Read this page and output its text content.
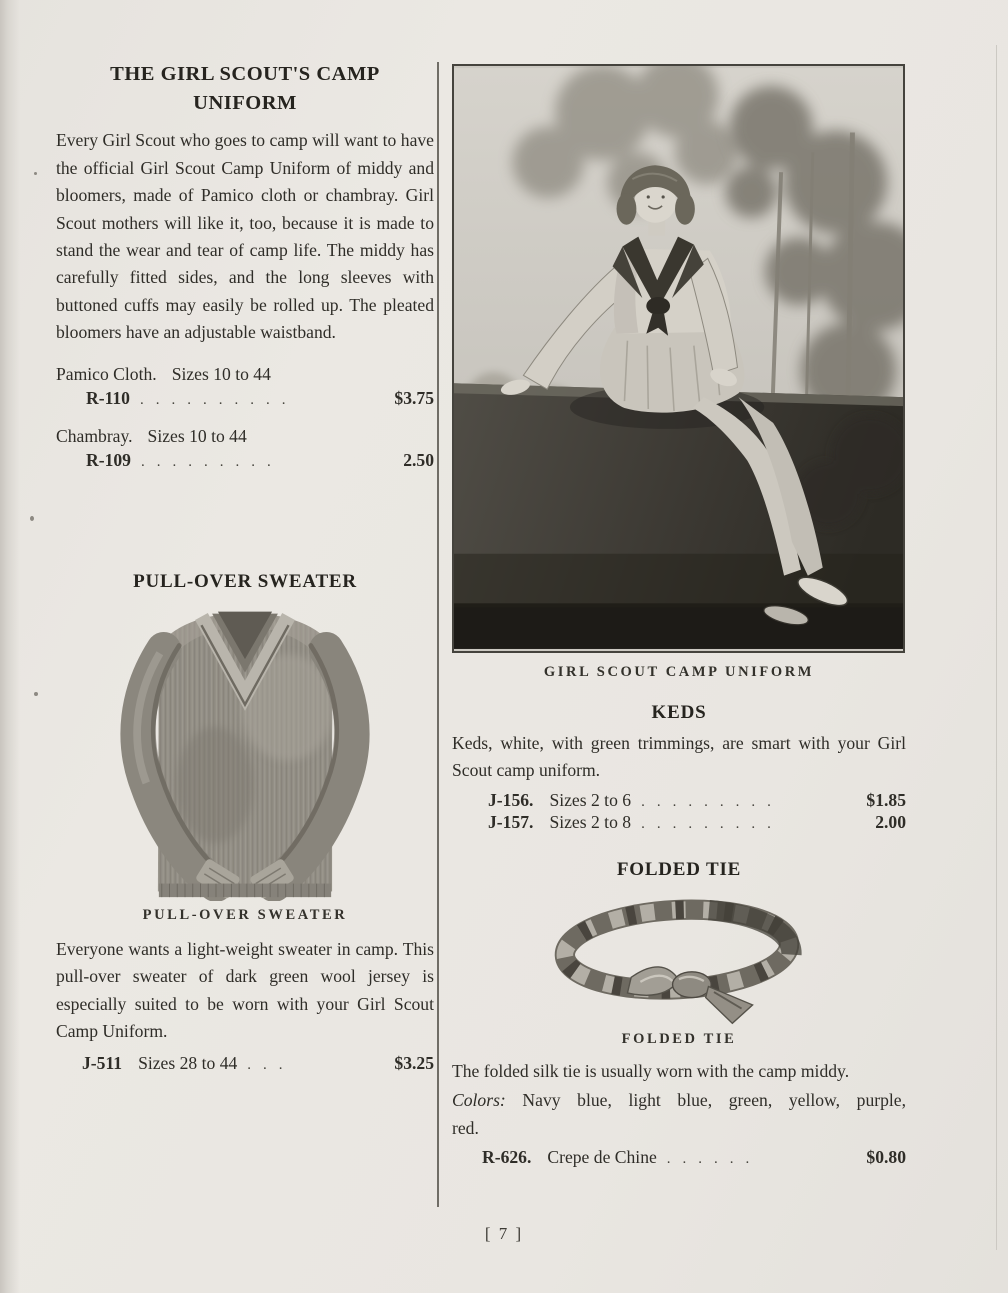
THE GIRL SCOUT'S CAMP
UNIFORM

Every Girl Scout who goes to camp will want to have the official Girl Scout Camp Uniform of middy and bloomers, made of Pamico cloth or chambray. Girl Scout mothers will like it, too, because it is made to stand the wear and tear of camp life. The middy has carefully fitted sides, and the long sleeves with buttoned cuffs may easily be rolled up. The pleated bloomers have an adjustable waistband.

Pamico Cloth. Sizes 10 to 44
R-110 ..........	$3.75
Chambray. Sizes 10 to 44
R-109 .........	2.50
PULL-OVER SWEATER
PULL-OVER SWEATER

Everyone wants a light-weight sweater in camp. This pull-over sweater of dark green wool jersey is especially suited to be worn with your Girl Scout Camp Uniform.

J-511 Sizes 28 to 44 ...	$3.25
GIRL SCOUT CAMP UNIFORM
KEDS

Keds, white, with green trimmings, are smart with your Girl Scout camp uniform.

J-156. Sizes 2 to 6 .........	$1.85
J-157. Sizes 2 to 8 .........	2.00
FOLDED TIE
FOLDED TIE

The folded silk tie is usually worn with the camp middy.

Colors: Navy blue, light blue, green, yellow, purple, red.

R-626. Crepe de Chine ......	$0.80
[ 7 ]
